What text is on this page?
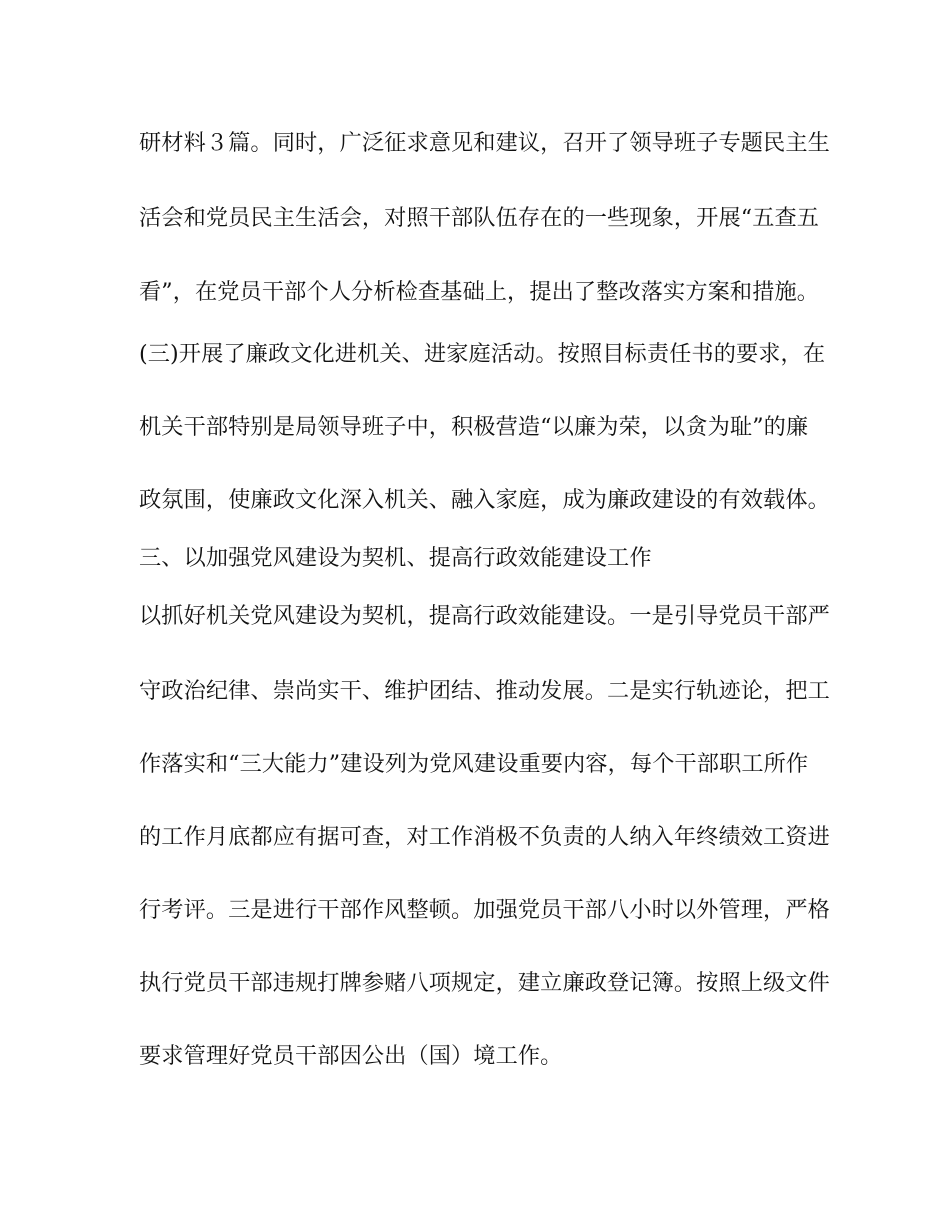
研材料３篇。同时，广泛征求意见和建议，召开了领导班子专题民主生
活会和党员民主生活会，对照干部队伍存在的一些现象，开展“五查五
看”，在党员干部个人分析检查基础上，提出了整改落实方案和措施。
(三)开展了廉政文化进机关、进家庭活动。按照目标责任书的要求，在
机关干部特别是局领导班子中，积极营造“以廉为荣，以贪为耻”的廉
政氛围，使廉政文化深入机关、融入家庭，成为廉政建设的有效载体。
三、以加强党风建设为契机、提高行政效能建设工作
以抓好机关党风建设为契机，提高行政效能建设。一是引导党员干部严
守政治纪律、崇尚实干、维护团结、推动发展。二是实行轨迹论，把工
作落实和“三大能力”建设列为党风建设重要内容，每个干部职工所作
的工作月底都应有据可查，对工作消极不负责的人纳入年终绩效工资进
行考评。三是进行干部作风整顿。加强党员干部八小时以外管理，严格
执行党员干部违规打牌参赌八项规定，建立廉政登记簿。按照上级文件
要求管理好党员干部因公出（国）境工作。
